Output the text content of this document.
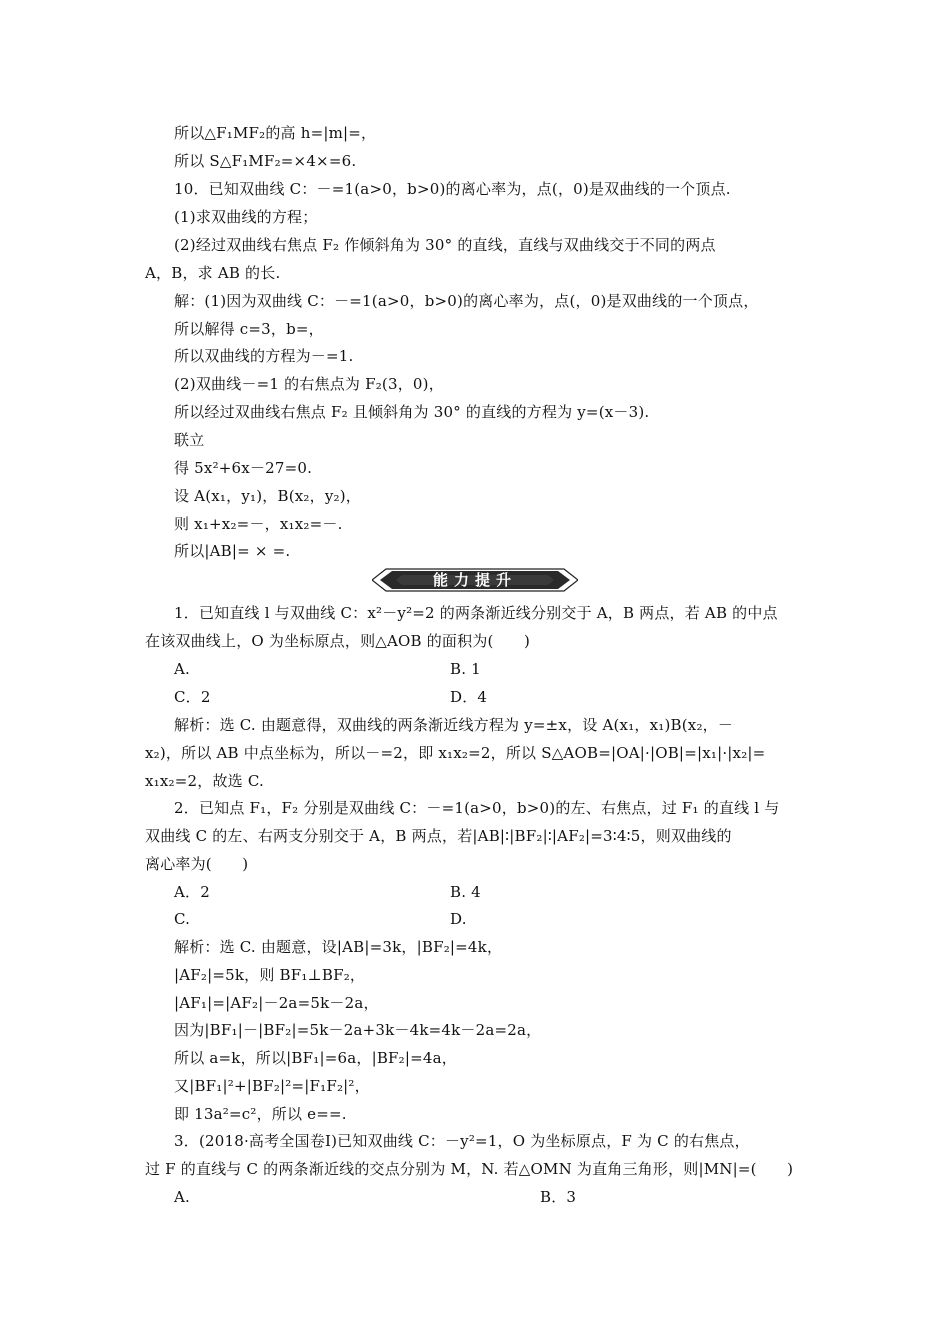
所以△F₁MF₂的高 h=|m|=，
所以 S△F₁MF₂=×4×=6.
10．已知双曲线 C：－=1(a>0，b>0)的离心率为，点(，0)是双曲线的一个顶点.
(1)求双曲线的方程；
(2)经过双曲线右焦点 F₂ 作倾斜角为 30° 的直线，直线与双曲线交于不同的两点
A，B，求 AB 的长.
解：(1)因为双曲线 C：－=1(a>0，b>0)的离心率为，点(，0)是双曲线的一个顶点，
所以解得 c=3，b=，
所以双曲线的方程为－=1.
(2)双曲线－=1 的右焦点为 F₂(3，0)，
所以经过双曲线右焦点 F₂ 且倾斜角为 30° 的直线的方程为 y=(x－3).
联立
得 5x²+6x－27=0.
设 A(x₁，y₁)，B(x₂，y₂)，
则 x₁+x₂=－，x₁x₂=－.
所以|AB|= × =.
能力提升
1．已知直线 l 与双曲线 C：x²－y²=2 的两条渐近线分别交于 A，B 两点，若 AB 的中点
在该双曲线上，O 为坐标原点，则△AOB 的面积为(　　)
A.	B. 1
C．2	D．4
解析：选 C. 由题意得，双曲线的两条渐近线方程为 y=±x，设 A(x₁，x₁)B(x₂，－
x₂)，所以 AB 中点坐标为，所以－=2，即 x₁x₂=2，所以 S△AOB=|OA|·|OB|=|x₁|·|x₂|=
x₁x₂=2，故选 C.
2．已知点 F₁，F₂ 分别是双曲线 C：－=1(a>0，b>0)的左、右焦点，过 F₁ 的直线 l 与
双曲线 C 的左、右两支分别交于 A，B 两点，若|AB|∶|BF₂|∶|AF₂|=3∶4∶5，则双曲线的
离心率为(　　)
A．2	B. 4
C.	D.
解析：选 C. 由题意，设|AB|=3k，|BF₂|=4k，
|AF₂|=5k，则 BF₁⊥BF₂，
|AF₁|=|AF₂|－2a=5k－2a，
因为|BF₁|－|BF₂|=5k－2a+3k－4k=4k－2a=2a，
所以 a=k，所以|BF₁|=6a，|BF₂|=4a，
又|BF₁|²+|BF₂|²=|F₁F₂|²，
即 13a²=c²，所以 e==.
3．(2018·高考全国卷Ⅰ)已知双曲线 C：－y²=1，O 为坐标原点，F 为 C 的右焦点，
过 F 的直线与 C 的两条渐近线的交点分别为 M，N. 若△OMN 为直角三角形，则|MN|=(　　)
A.	B．3
